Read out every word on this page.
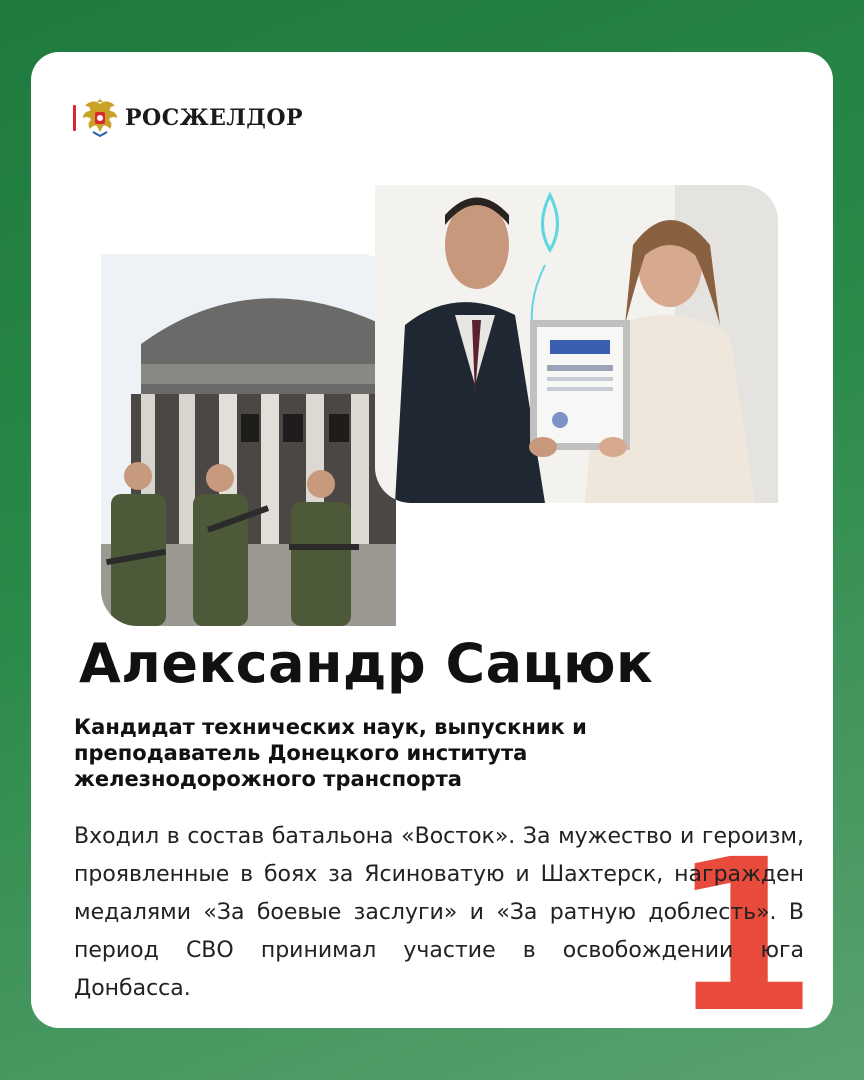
РОСЖЕЛДОР
Александр Сацюк
Кандидат технических наук, выпускник и преподаватель Донецкого института железнодорожного транспорта
1
Входил в состав батальона «Восток». За мужество и героизм, проявленные в боях за Ясиноватую и Шахтерск, награжден медалями «За боевые заслуги» и «За ратную доблесть». В период СВО принимал участие в освобождении юга Донбасса.
